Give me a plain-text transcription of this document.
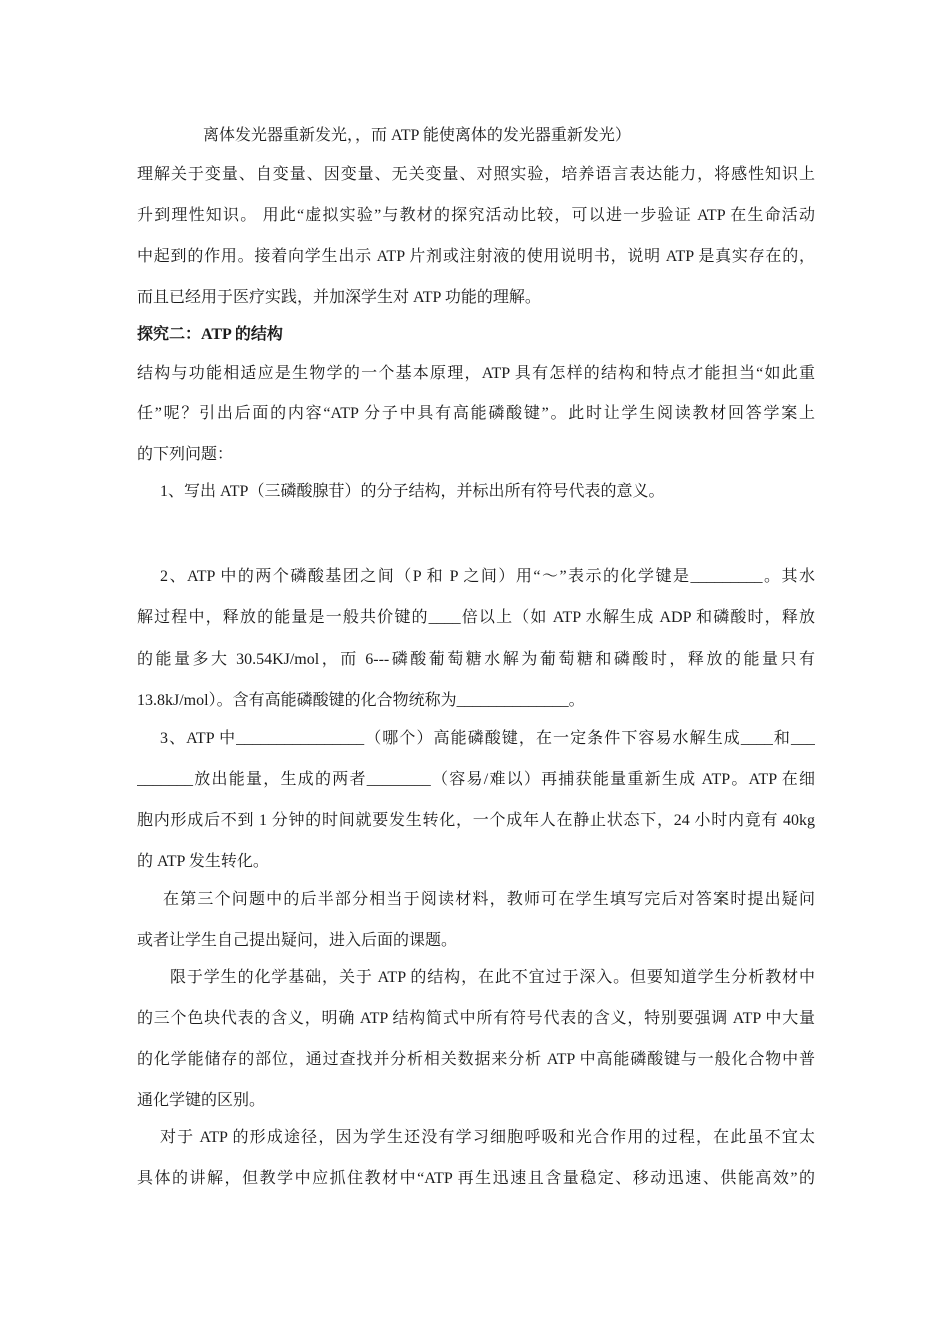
离体发光器重新发光，，而 ATP 能使离体的发光器重新发光）
理解关于变量、自变量、因变量、无关变量、对照实验，培养语言表达能力，将感性知识上
升到理性知识。 用此“虚拟实验”与教材的探究活动比较，可以进一步验证 ATP 在生命活动
中起到的作用。接着向学生出示 ATP 片剂或注射液的使用说明书，说明 ATP 是真实存在的，
而且已经用于医疗实践，并加深学生对 ATP 功能的理解。
探究二：ATP 的结构
结构与功能相适应是生物学的一个基本原理，ATP 具有怎样的结构和特点才能担当“如此重
任”呢？引出后面的内容“ATP 分子中具有高能磷酸键”。此时让学生阅读教材回答学案上
的下列问题：
1、写出 ATP（三磷酸腺苷）的分子结构，并标出所有符号代表的意义。
2、ATP 中的两个磷酸基团之间（P 和 P 之间）用“～”表示的化学键是_________。其水
解过程中，释放的能量是一般共价键的____倍以上（如 ATP 水解生成 ADP 和磷酸时，释放
的能量多大 30.54KJ/mol，而 6---磷酸葡萄糖水解为葡萄糖和磷酸时，释放的能量只有
13.8kJ/mol）。含有高能磷酸键的化合物统称为______________。
3、ATP 中________________（哪个）高能磷酸键，在一定条件下容易水解生成____和___
_______放出能量，生成的两者________（容易/难以）再捕获能量重新生成 ATP。ATP 在细
胞内形成后不到 1 分钟的时间就要发生转化，一个成年人在静止状态下，24 小时内竟有 40kg
的 ATP 发生转化。
在第三个问题中的后半部分相当于阅读材料，教师可在学生填写完后对答案时提出疑问
或者让学生自己提出疑问，进入后面的课题。
限于学生的化学基础，关于 ATP 的结构，在此不宜过于深入。但要知道学生分析教材中
的三个色块代表的含义，明确 ATP 结构简式中所有符号代表的含义，特别要强调 ATP 中大量
的化学能储存的部位，通过查找并分析相关数据来分析 ATP 中高能磷酸键与一般化合物中普
通化学键的区别。
对于 ATP 的形成途径，因为学生还没有学习细胞呼吸和光合作用的过程，在此虽不宜太
具体的讲解，但教学中应抓住教材中“ATP 再生迅速且含量稳定、移动迅速、供能高效”的
